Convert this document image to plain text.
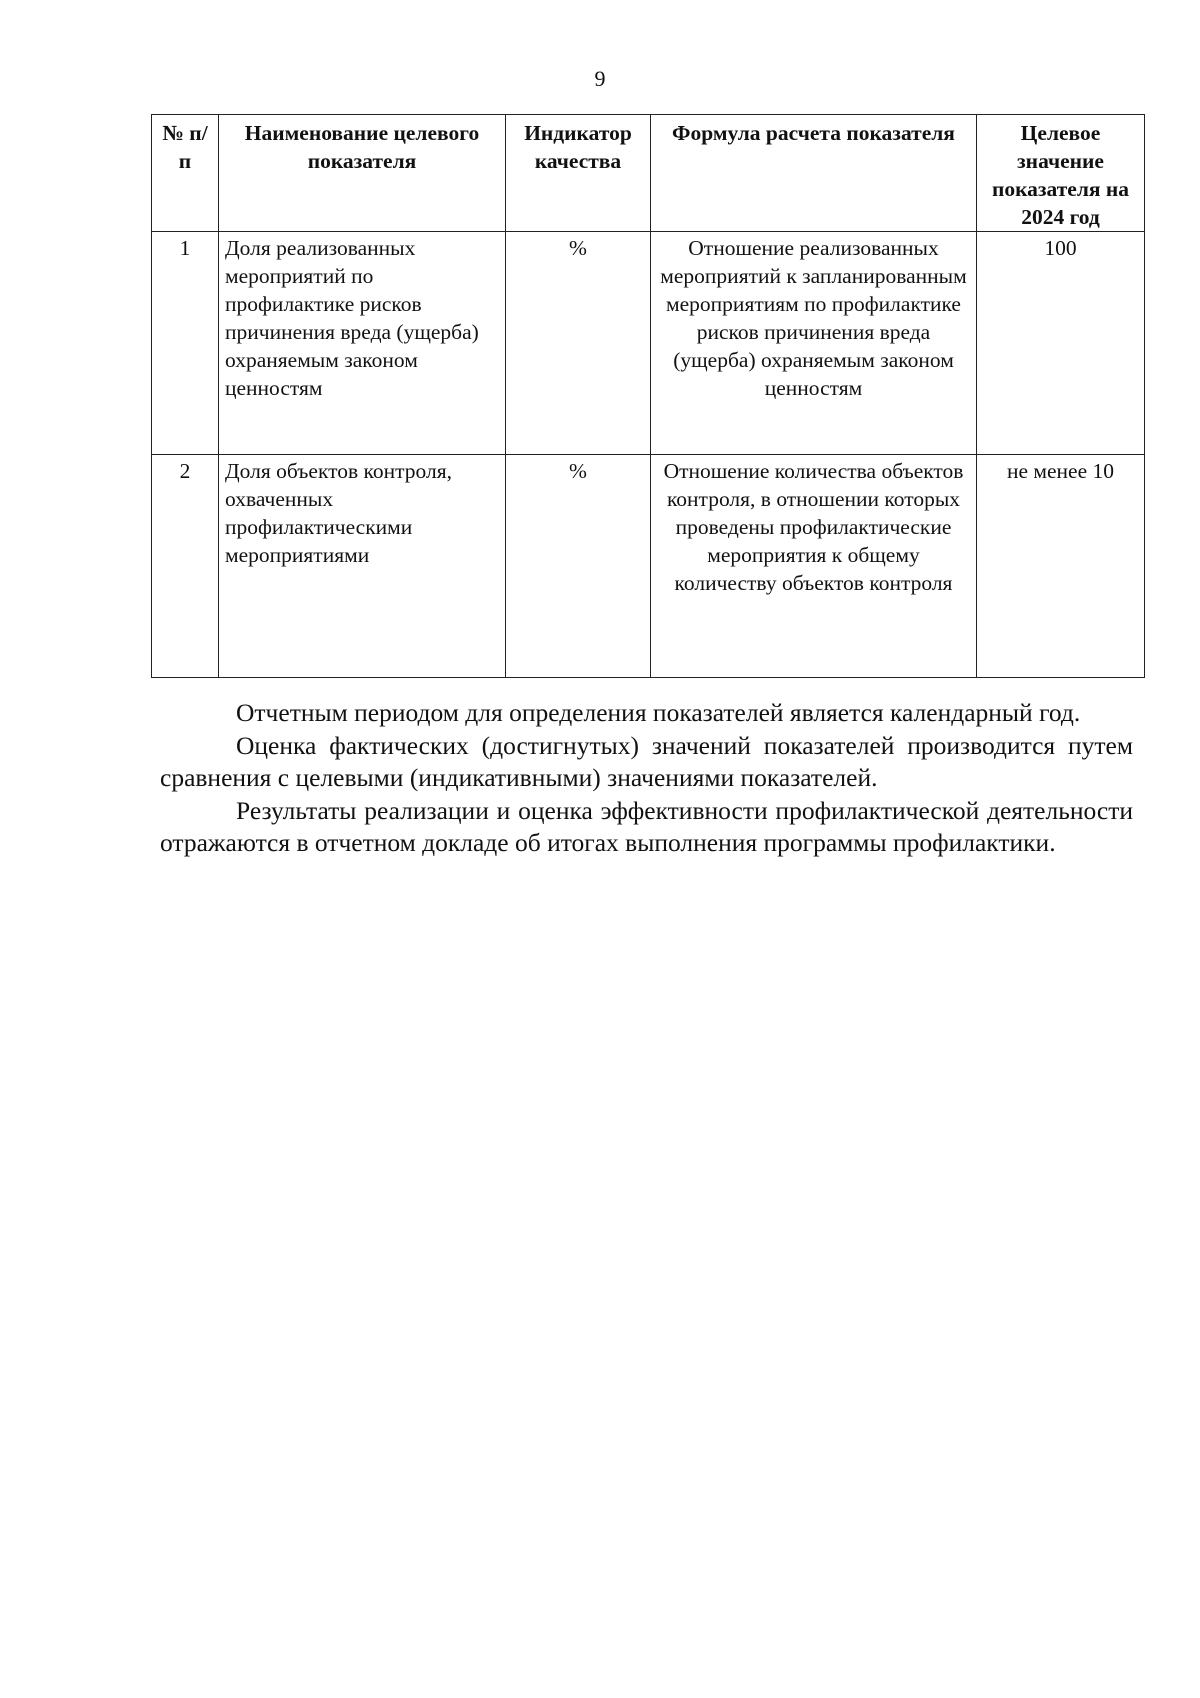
9
№ п/п	Наименование целевого показателя	Индикатор качества	Формула расчета показателя	Целевое значение показателя на 2024 год
1	Доля реализованных мероприятий по профилактике рисков причинения вреда (ущерба) охраняемым законом ценностям	%	Отношение реализованных мероприятий к запланированным мероприятиям по профилактике рисков причинения вреда (ущерба) охраняемым законом ценностям	100
2	Доля объектов контроля, охваченных профилактическими мероприятиями	%	Отношение количества объектов контроля, в отношении которых проведены профилактические мероприятия к общему количеству объектов контроля	не менее 10

Отчетным периодом для определения показателей является календарный год.

Оценка фактических (достигнутых) значений показателей производится путем сравнения с целевыми (индикативными) значениями показателей.

Результаты реализации и оценка эффективности профилактической деятельности отражаются в отчетном докладе об итогах выполнения программы профилактики.
